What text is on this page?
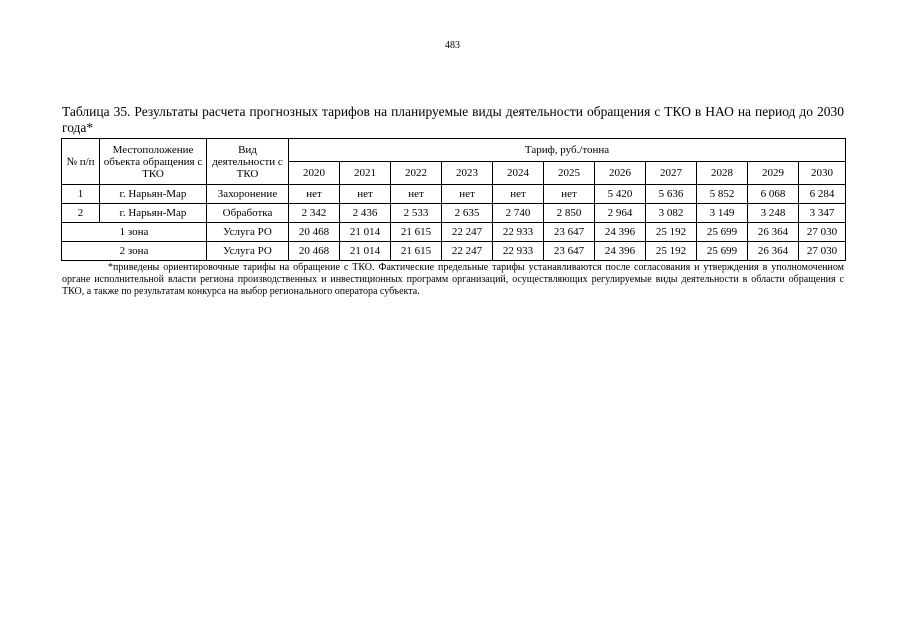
483
Таблица 35. Результаты расчета прогнозных тарифов на планируемые виды деятельности обращения с ТКО в НАО на период до 2030 года*
№ п/п	Местоположение объекта обращения с ТКО	Вид деятельности с ТКО	Тариф, руб./тонна										
			2020	2021	2022	2023	2024	2025	2026	2027	2028	2029	2030
1	г. Нарьян-Мар	Захоронение	нет	нет	нет	нет	нет	нет	5 420	5 636	5 852	6 068	6 284
2	г. Нарьян-Мар	Обработка	2 342	2 436	2 533	2 635	2 740	2 850	2 964	3 082	3 149	3 248	3 347
1 зона		Услуга РО	20 468	21 014	21 615	22 247	22 933	23 647	24 396	25 192	25 699	26 364	27 030
2 зона		Услуга РО	20 468	21 014	21 615	22 247	22 933	23 647	24 396	25 192	25 699	26 364	27 030
*приведены ориентировочные тарифы на обращение с ТКО. Фактические предельные тарифы устанавливаются после согласования и утверждения в уполномоченном органе исполнительной власти региона производственных и инвестиционных программ организаций, осуществляющих регулируемые виды деятельности в области обращения с ТКО, а также по результатам конкурса на выбор регионального оператора субъекта.
